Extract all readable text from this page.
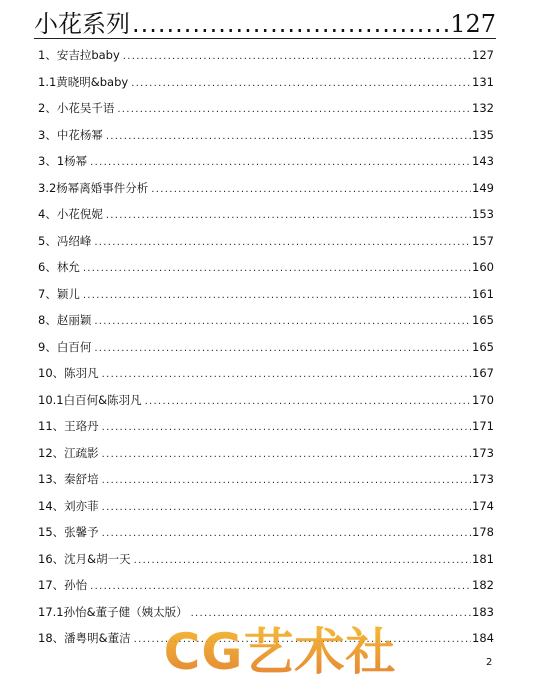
小花系列 .....	127
1、安吉拉baby .....	127
1.1黄晓明&baby .....	131
2、小花吴千语 .....	132
3、中花杨幂 .....	135
3、1杨幂 .....	143
3.2杨幂离婚事件分析 .....	149
4、小花倪妮 .....	153
5、冯绍峰 .....	157
6、林允 .....	160
7、颖儿 .....	161
8、赵丽颖 .....	165
9、白百何 .....	165
10、陈羽凡 .....	167
10.1白百何&陈羽凡 .....	170
11、王珞丹 .....	171
12、江疏影 .....	173
13、秦舒培 .....	173
14、刘亦菲 .....	174
15、张馨予 .....	178
16、沈月&胡一天 .....	181
17、孙怡 .....	182
17.1孙怡&董子健（姨太版） .....	183
18、潘粤明&董洁 .....	184
CG艺术社	2
